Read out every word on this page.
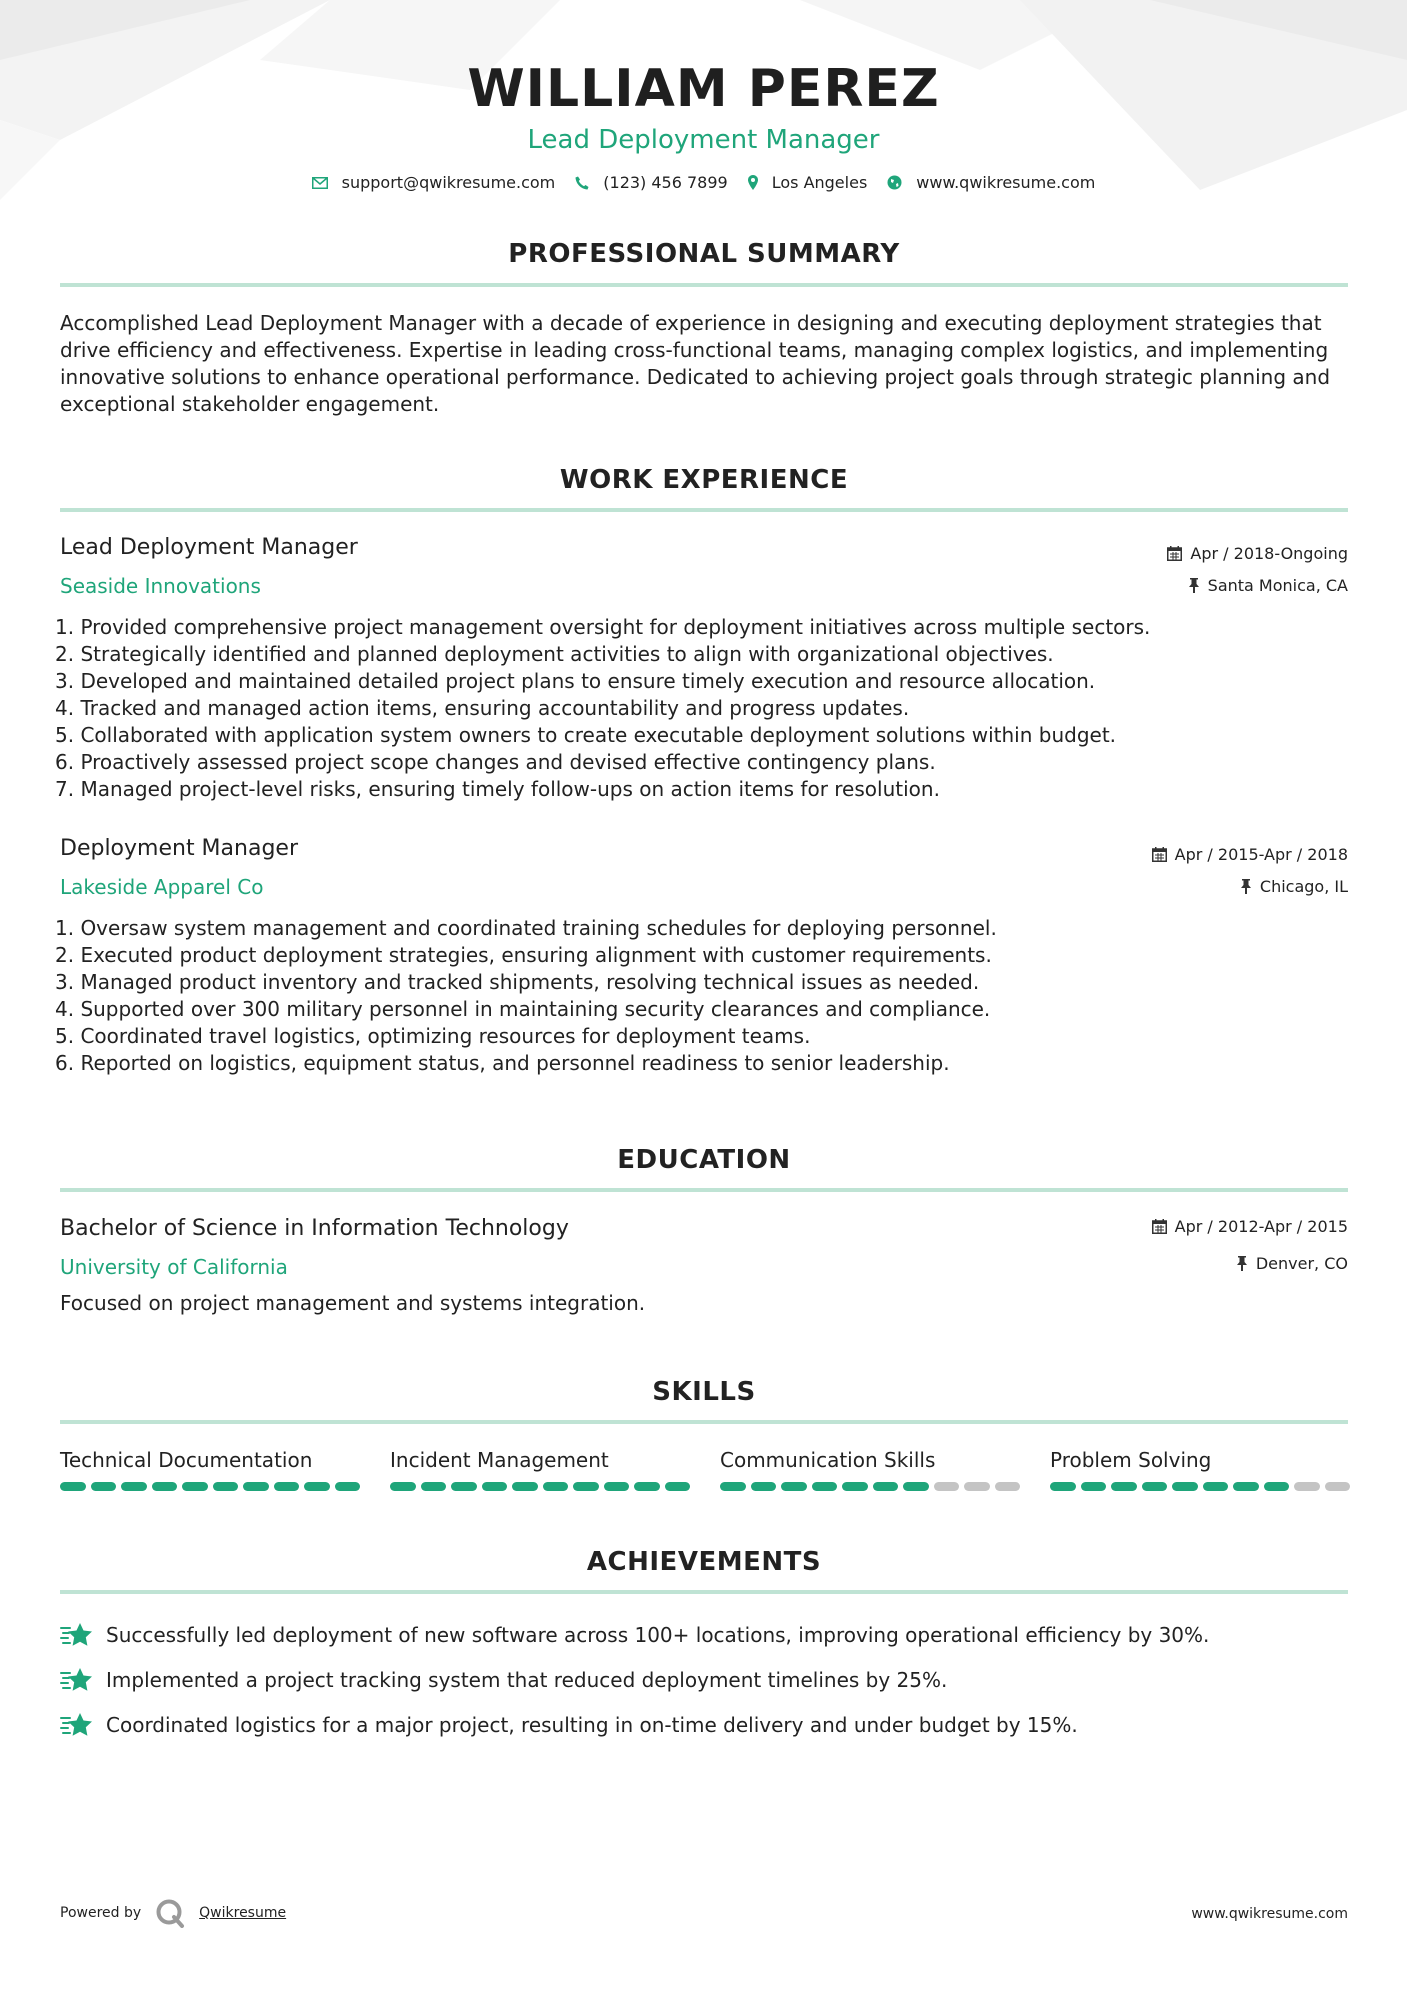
WILLIAM PEREZ
Lead Deployment Manager
support@qwikresume.com	(123) 456 7899	Los Angeles	www.qwikresume.com
PROFESSIONAL SUMMARY
Accomplished Lead Deployment Manager with a decade of experience in designing and executing deployment strategies that drive efficiency and effectiveness. Expertise in leading cross-functional teams, managing complex logistics, and implementing innovative solutions to enhance operational performance. Dedicated to achieving project goals through strategic planning and exceptional stakeholder engagement.
WORK EXPERIENCE
Lead Deployment Manager
Seaside Innovations
Apr / 2018-Ongoing
Santa Monica, CA
1. Provided comprehensive project management oversight for deployment initiatives across multiple sectors.
2. Strategically identified and planned deployment activities to align with organizational objectives.
3. Developed and maintained detailed project plans to ensure timely execution and resource allocation.
4. Tracked and managed action items, ensuring accountability and progress updates.
5. Collaborated with application system owners to create executable deployment solutions within budget.
6. Proactively assessed project scope changes and devised effective contingency plans.
7. Managed project-level risks, ensuring timely follow-ups on action items for resolution.
Deployment Manager
Lakeside Apparel Co
Apr / 2015-Apr / 2018
Chicago, IL
1. Oversaw system management and coordinated training schedules for deploying personnel.
2. Executed product deployment strategies, ensuring alignment with customer requirements.
3. Managed product inventory and tracked shipments, resolving technical issues as needed.
4. Supported over 300 military personnel in maintaining security clearances and compliance.
5. Coordinated travel logistics, optimizing resources for deployment teams.
6. Reported on logistics, equipment status, and personnel readiness to senior leadership.
EDUCATION
Bachelor of Science in Information Technology
University of California
Apr / 2012-Apr / 2015
Denver, CO
Focused on project management and systems integration.
SKILLS
Technical Documentation	Incident Management	Communication Skills	Problem Solving
ACHIEVEMENTS
Successfully led deployment of new software across 100+ locations, improving operational efficiency by 30%.
Implemented a project tracking system that reduced deployment timelines by 25%.
Coordinated logistics for a major project, resulting in on-time delivery and under budget by 15%.
Powered by	Qwikresume	www.qwikresume.com
